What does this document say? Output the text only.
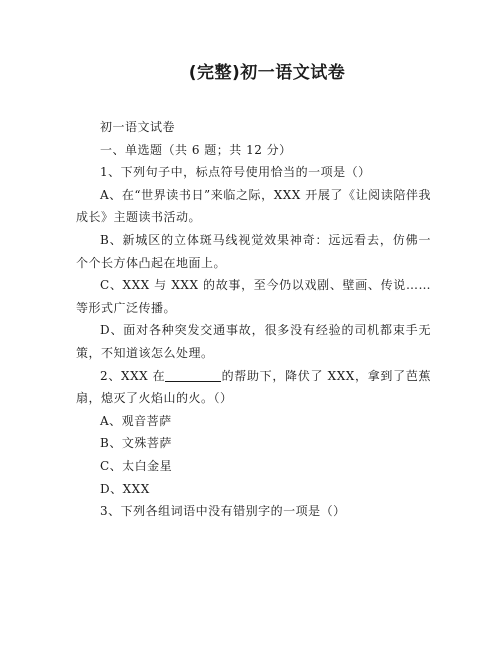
(完整)初一语文试卷

初一语文试卷

一、单选题（共 6 题；共 12 分）

1、下列句子中，标点符号使用恰当的一项是（）

A、在“世界读书日”来临之际，XXX 开展了《让阅读陪伴我成长》主题读书活动。

B、新城区的立体斑马线视觉效果神奇：远远看去，仿佛一个个长方体凸起在地面上。

C、XXX 与 XXX 的故事，至今仍以戏剧、壁画、传说……等形式广泛传播。

D、面对各种突发交通事故，很多没有经验的司机都束手无策，不知道该怎么处理。

2、XXX 在	的帮助下，降伏了 XXX，拿到了芭蕉扇，熄灭了火焰山的火。（）

A、观音菩萨

B、文殊菩萨

C、太白金星

D、XXX

3、下列各组词语中没有错别字的一项是（）
